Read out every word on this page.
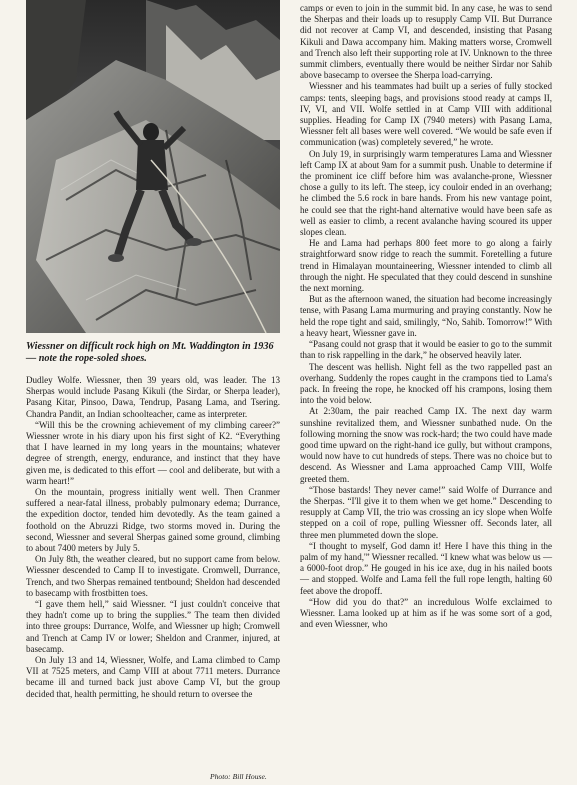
Wiessner on difficult rock high on Mt. Waddington in 1936 — note the rope-soled shoes.

Dudley Wolfe. Wiessner, then 39 years old, was leader. The 13 Sherpas would include Pasang Kikuli (the Sirdar, or Sherpa leader), Pasang Kitar, Pinsoo, Dawa, Tendrup, Pasang Lama, and Tsering. Chandra Pandit, an Indian schoolteacher, came as interpreter.

“Will this be the crowning achievement of my climbing career?” Wiessner wrote in his diary upon his first sight of K2. “Everything that I have learned in my long years in the mountains; whatever degree of strength, energy, endurance, and instinct that they have given me, is dedicated to this effort — cool and deliberate, but with a warm heart!”

On the mountain, progress initially went well. Then Cranmer suffered a near-fatal illness, probably pulmonary edema; Durrance, the expedition doctor, tended him devotedly. As the team gained a foothold on the Abruzzi Ridge, two storms moved in. During the second, Wiessner and several Sherpas gained some ground, climbing to about 7400 meters by July 5.

On July 8th, the weather cleared, but no support came from below. Wiessner descended to Camp II to investigate. Cromwell, Durrance, Trench, and two Sherpas remained tentbound; Sheldon had descended to basecamp with frostbitten toes.

“I gave them hell,” said Wiessner. “I just couldn't conceive that they hadn't come up to bring the supplies.” The team then divided into three groups: Durrance, Wolfe, and Wiessner up high; Cromwell and Trench at Camp IV or lower; Sheldon and Cranmer, injured, at basecamp.

On July 13 and 14, Wiessner, Wolfe, and Lama climbed to Camp VII at 7525 meters, and Camp VIII at about 7711 meters. Durrance became ill and turned back just above Camp VI, but the group decided that, health permitting, he should return to oversee the

Photo: Bill House.

camps or even to join in the summit bid. In any case, he was to send the Sherpas and their loads up to resupply Camp VII. But Durrance did not recover at Camp VI, and descended, insisting that Pasang Kikuli and Dawa accompany him. Making matters worse, Cromwell and Trench also left their supporting role at IV. Unknown to the three summit climbers, eventually there would be neither Sirdar nor Sahib above basecamp to oversee the Sherpa load-carrying.

Wiessner and his teammates had built up a series of fully stocked camps: tents, sleeping bags, and provisions stood ready at camps II, IV, VI, and VII. Wolfe settled in at Camp VIII with additional supplies. Heading for Camp IX (7940 meters) with Pasang Lama, Wiessner felt all bases were well covered. “We would be safe even if communication (was) completely severed,” he wrote.

On July 19, in surprisingly warm temperatures Lama and Wiessner left Camp IX at about 9am for a summit push. Unable to determine if the prominent ice cliff before him was avalanche-prone, Wiessner chose a gully to its left. The steep, icy couloir ended in an overhang; he climbed the 5.6 rock in bare hands. From his new vantage point, he could see that the right-hand alternative would have been safe as well as easier to climb, a recent avalanche having scoured its upper slopes clean.

He and Lama had perhaps 800 feet more to go along a fairly straightforward snow ridge to reach the summit. Foretelling a future trend in Himalayan mountaineering, Wiessner intended to climb all through the night. He speculated that they could descend in sunshine the next morning.

But as the afternoon waned, the situation had become increasingly tense, with Pasang Lama murmuring and praying constantly. Now he held the rope tight and said, smilingly, “No, Sahib. Tomorrow!” With a heavy heart, Wiessner gave in.

“Pasang could not grasp that it would be easier to go to the summit than to risk rappelling in the dark,” he observed heavily later.

The descent was hellish. Night fell as the two rappelled past an overhang. Suddenly the ropes caught in the crampons tied to Lama's pack. In freeing the rope, he knocked off his crampons, losing them into the void below.

At 2:30am, the pair reached Camp IX. The next day warm sunshine revitalized them, and Wiessner sunbathed nude. On the following morning the snow was rock-hard; the two could have made good time upward on the right-hand ice gully, but without crampons, would now have to cut hundreds of steps. There was no choice but to descend. As Wiessner and Lama approached Camp VIII, Wolfe greeted them.

“Those bastards! They never came!” said Wolfe of Durrance and the Sherpas. “I'll give it to them when we get home.” Descending to resupply at Camp VII, the trio was crossing an icy slope when Wolfe stepped on a coil of rope, pulling Wiessner off. Seconds later, all three men plummeted down the slope.

“I thought to myself, God damn it! Here I have this thing in the palm of my hand,'” Wiessner recalled. “I knew what was below us — a 6000-foot drop.” He gouged in his ice axe, dug in his nailed boots — and stopped. Wolfe and Lama fell the full rope length, halting 60 feet above the dropoff.

“How did you do that?” an incredulous Wolfe exclaimed to Wiessner. Lama looked up at him as if he was some sort of a god, and even Wiessner, who
